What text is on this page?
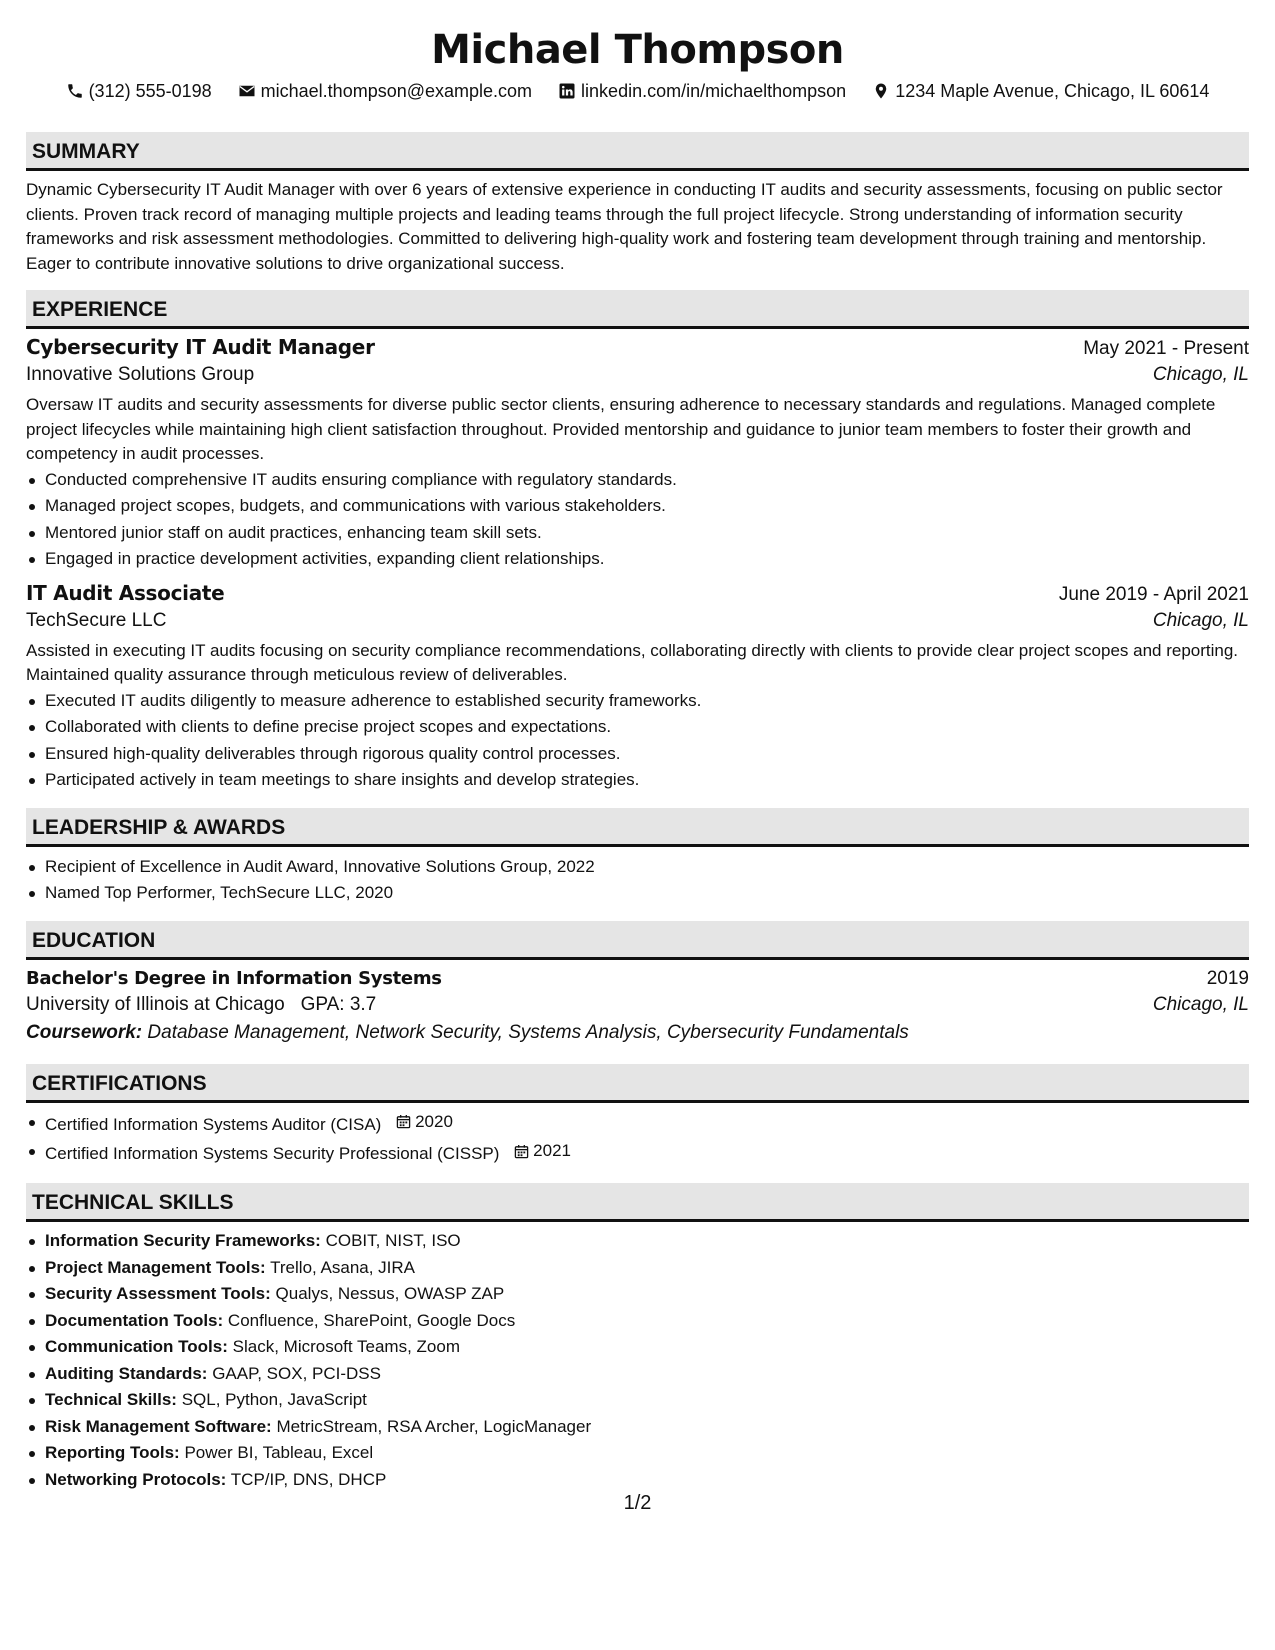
Michael Thompson
(312) 555-0198	michael.thompson@example.com	linkedin.com/in/michaelthompson	1234 Maple Avenue, Chicago, IL 60614
SUMMARY

Dynamic Cybersecurity IT Audit Manager with over 6 years of extensive experience in conducting IT audits and security assessments, focusing on public sector clients. Proven track record of managing multiple projects and leading teams through the full project lifecycle. Strong understanding of information security frameworks and risk assessment methodologies. Committed to delivering high-quality work and fostering team development through training and mentorship. Eager to contribute innovative solutions to drive organizational success.

EXPERIENCE
Cybersecurity IT Audit Manager	May 2021 - Present
Innovative Solutions Group	Chicago, IL

Oversaw IT audits and security assessments for diverse public sector clients, ensuring adherence to necessary standards and regulations. Managed complete project lifecycles while maintaining high client satisfaction throughout. Provided mentorship and guidance to junior team members to foster their growth and competency in audit processes.

Conducted comprehensive IT audits ensuring compliance with regulatory standards.
Managed project scopes, budgets, and communications with various stakeholders.
Mentored junior staff on audit practices, enhancing team skill sets.
Engaged in practice development activities, expanding client relationships.
IT Audit Associate	June 2019 - April 2021
TechSecure LLC	Chicago, IL

Assisted in executing IT audits focusing on security compliance recommendations, collaborating directly with clients to provide clear project scopes and reporting. Maintained quality assurance through meticulous review of deliverables.

Executed IT audits diligently to measure adherence to established security frameworks.
Collaborated with clients to define precise project scopes and expectations.
Ensured high-quality deliverables through rigorous quality control processes.
Participated actively in team meetings to share insights and develop strategies.
LEADERSHIP & AWARDS
Recipient of Excellence in Audit Award, Innovative Solutions Group, 2022
Named Top Performer, TechSecure LLC, 2020
EDUCATION
Bachelor's Degree in Information Systems	2019
University of Illinois at Chicago GPA: 3.7	Chicago, IL
Coursework: Database Management, Network Security, Systems Analysis, Cybersecurity Fundamentals
CERTIFICATIONS
Certified Information Systems Auditor (CISA) 2020
Certified Information Systems Security Professional (CISSP) 2021
TECHNICAL SKILLS
Information Security Frameworks: COBIT, NIST, ISO
Project Management Tools: Trello, Asana, JIRA
Security Assessment Tools: Qualys, Nessus, OWASP ZAP
Documentation Tools: Confluence, SharePoint, Google Docs
Communication Tools: Slack, Microsoft Teams, Zoom
Auditing Standards: GAAP, SOX, PCI-DSS
Technical Skills: SQL, Python, JavaScript
Risk Management Software: MetricStream, RSA Archer, LogicManager
Reporting Tools: Power BI, Tableau, Excel
Networking Protocols: TCP/IP, DNS, DHCP
1/2
